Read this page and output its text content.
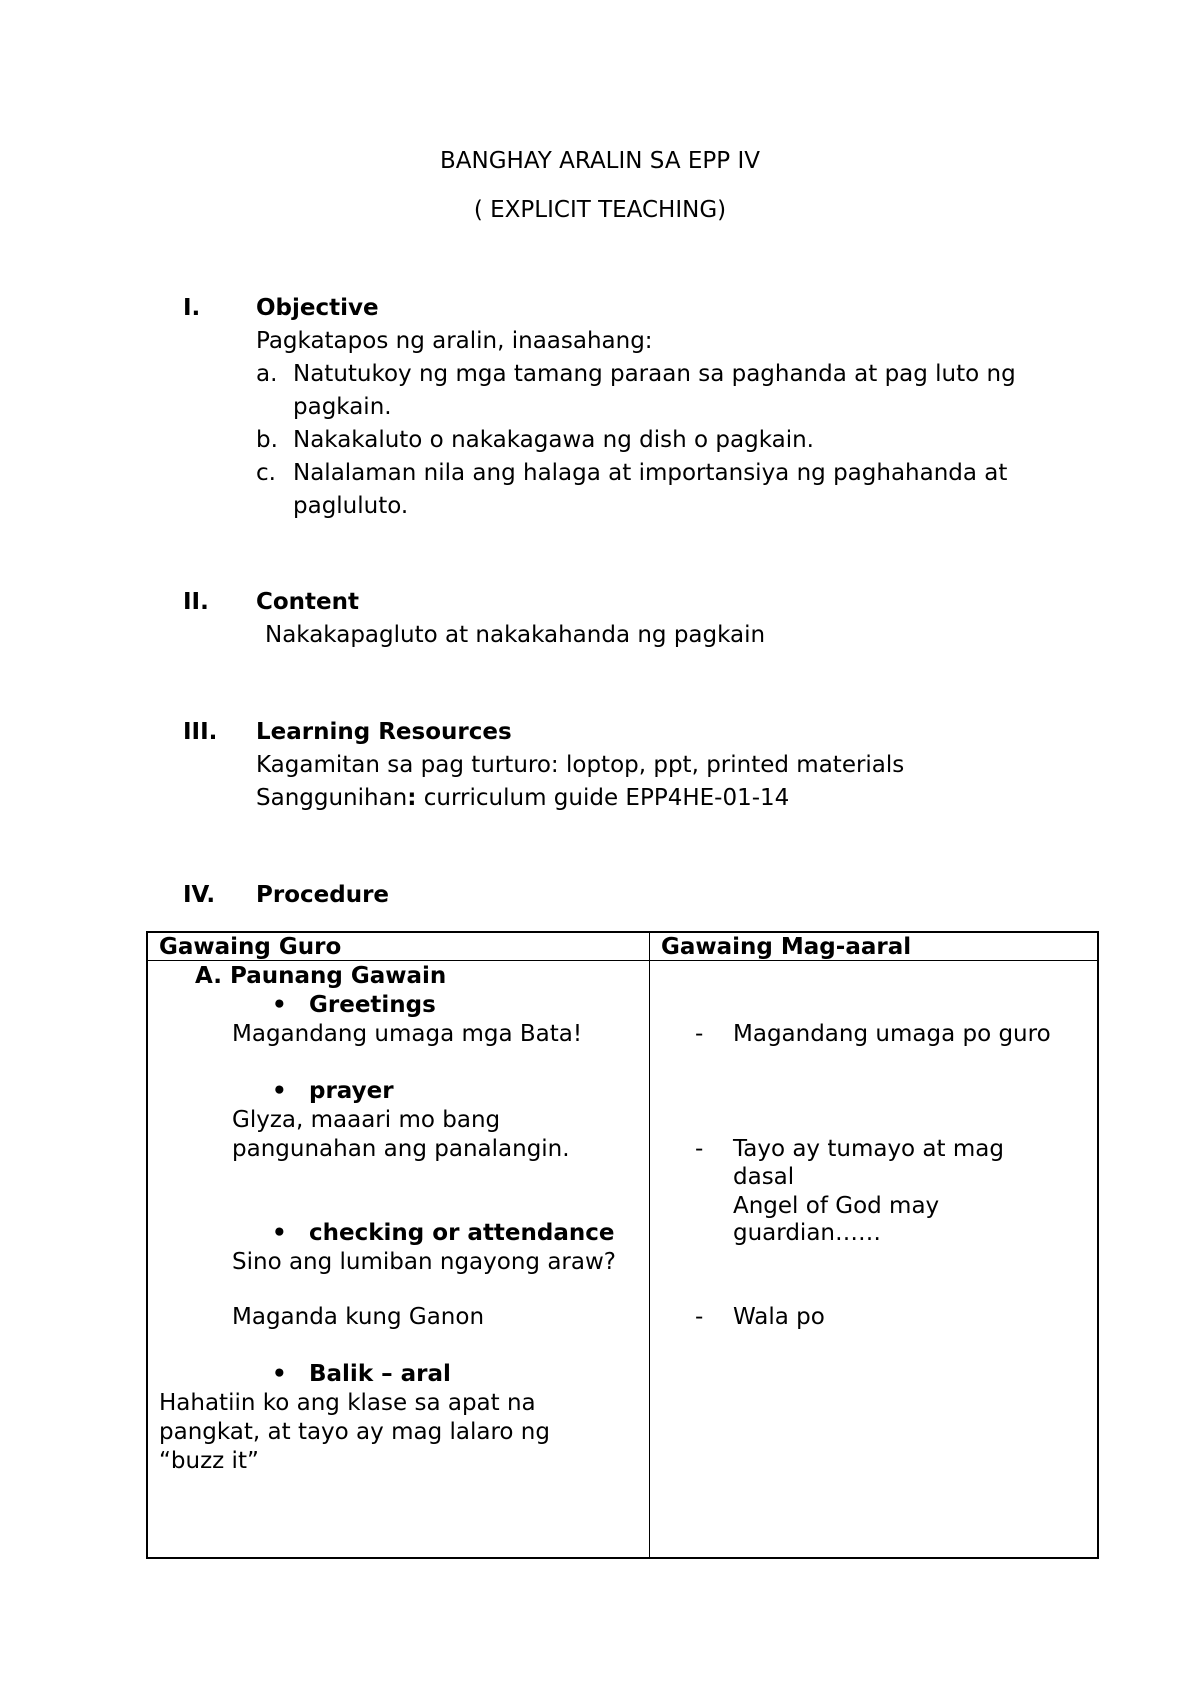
BANGHAY ARALIN SA EPP IV
( EXPLICIT TEACHING)
I. Objective
Pagkatapos ng aralin, inaasahang:
a. Natutukoy ng mga tamang paraan sa paghanda at pag luto ng
pagkain.
b. Nakakaluto o nakakagawa ng dish o pagkain.
c. Nalalaman nila ang halaga at importansiya ng paghahanda at
pagluluto.
II. Content
Nakakapagluto at nakakahanda ng pagkain
III. Learning Resources
Kagamitan sa pag turturo: loptop, ppt, printed materials
Sanggunihan: curriculum guide EPP4HE-01-14
IV. Procedure
Gawaing Guro	Gawaing Mag-aaral
A. Paunang Gawain
• Greetings
Magandang umaga mga Bata!
• prayer
Glyza, maaari mo bang
pangunahan ang panalangin.
• checking or attendance
Sino ang lumiban ngayong araw?
Maganda kung Ganon
• Balik – aral
Hahatiin ko ang klase sa apat na
pangkat, at tayo ay mag lalaro ng
“buzz it”
- Magandang umaga po guro
- Tayo ay tumayo at mag
dasal
Angel of God may
guardian……
- Wala po
